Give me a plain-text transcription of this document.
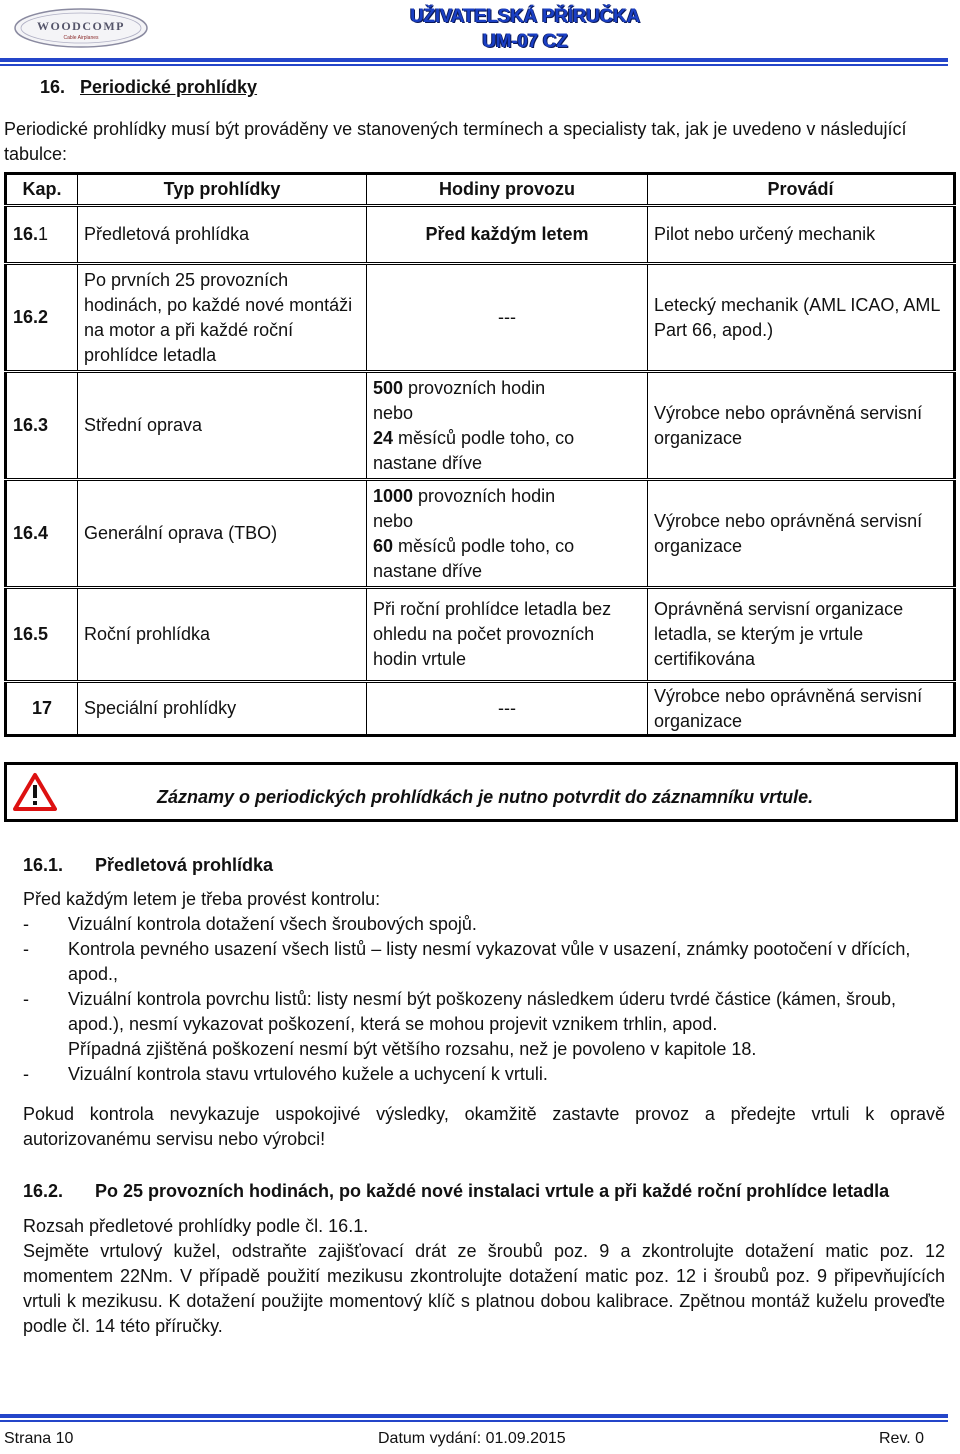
WOODCOMP
Cable Airplanes
UŽIVATELSKÁ PŘÍRUČKA
UM-07 CZ
16. Periodické prohlídky
Periodické prohlídky musí být prováděny ve stanovených termínech a specialisty tak, jak je uvedeno v následující tabulce:
Kap.	Typ prohlídky	Hodiny provozu	Provádí
16.1	Předletová prohlídka	Před každým letem	Pilot nebo určený mechanik
16.2	Po prvních 25 provozních hodinách, po každé nové montáži na motor a při každé roční prohlídce letadla	---	Letecký mechanik (AML ICAO, AML Part 66, apod.)
16.3	Střední oprava	500 provozních hodin
nebo
24 měsíců podle toho, co nastane dříve	Výrobce nebo oprávněná servisní organizace
16.4	Generální oprava (TBO)	1000 provozních hodin
nebo
60 měsíců podle toho, co nastane dříve	Výrobce nebo oprávněná servisní organizace
16.5	Roční prohlídka	Při roční prohlídce letadla bez ohledu na počet provozních hodin vrtule	Oprávněná servisní organizace letadla, se kterým je vrtule certifikována
17	Speciální prohlídky	---	Výrobce nebo oprávněná servisní organizace
Záznamy o periodických prohlídkách je nutno potvrdit do záznamníku vrtule.
16.1. Předletová prohlídka
Před každým letem je třeba provést kontrolu:
- Vizuální kontrola dotažení všech šroubových spojů.
- Kontrola pevného usazení všech listů – listy nesmí vykazovat vůle v usazení, známky pootočení v dřících, apod.,
- Vizuální kontrola povrchu listů: listy nesmí být poškozeny následkem úderu tvrdé částice (kámen, šroub, apod.), nesmí vykazovat poškození, která se mohou projevit vznikem trhlin, apod.
Případná zjištěná poškození nesmí být většího rozsahu, než je povoleno v kapitole 18.
- Vizuální kontrola stavu vrtulového kužele a uchycení k vrtuli.
Pokud kontrola nevykazuje uspokojivé výsledky, okamžitě zastavte provoz a předejte vrtuli k opravě autorizovanému servisu nebo výrobci!
16.2. Po 25 provozních hodinách, po každé nové instalaci vrtule a při každé roční prohlídce letadla
Rozsah předletové prohlídky podle čl. 16.1.
Sejměte vrtulový kužel, odstraňte zajišťovací drát ze šroubů poz. 9 a zkontrolujte dotažení matic poz. 12 momentem 22Nm. V případě použití mezikusu zkontrolujte dotažení matic poz. 12 i šroubů poz. 9 připevňujících vrtuli k mezikusu. K dotažení použijte momentový klíč s platnou dobou kalibrace. Zpětnou montáž kuželu proveďte podle čl. 14 této příručky.
Strana 10	Datum vydání: 01.09.2015	Rev. 0
